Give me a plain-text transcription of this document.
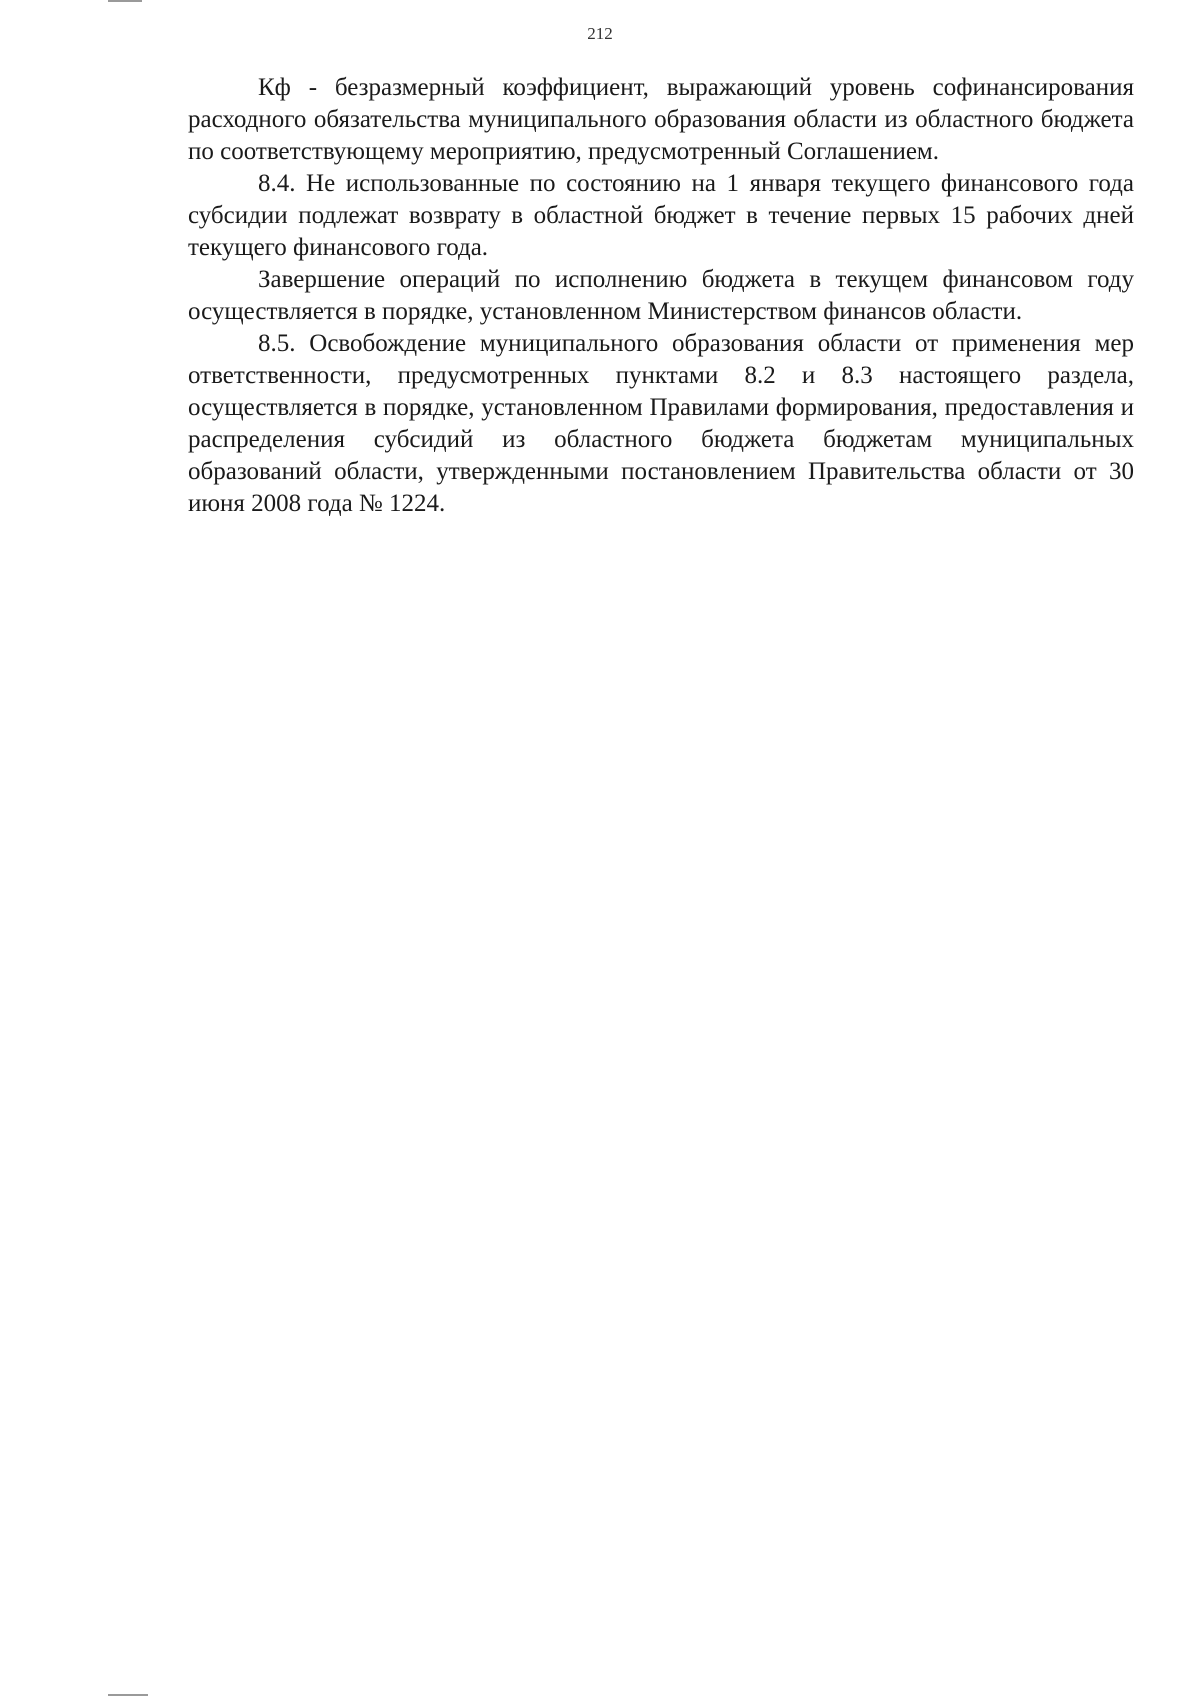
212

Кф - безразмерный коэффициент, выражающий уровень софинансирования расходного обязательства муниципального образования области из областного бюджета по соответствующему мероприятию, предусмотренный Соглашением.

8.4. Не использованные по состоянию на 1 января текущего финансового года субсидии подлежат возврату в областной бюджет в течение первых 15 рабочих дней текущего финансового года.

Завершение операций по исполнению бюджета в текущем финансовом году осуществляется в порядке, установленном Министерством финансов области.

8.5. Освобождение муниципального образования области от применения мер ответственности, предусмотренных пунктами 8.2 и 8.3 настоящего раздела, осуществляется в порядке, установленном Правилами формирования, предоставления и распределения субсидий из областного бюджета бюджетам муниципальных образований области, утвержденными постановлением Правительства области от 30 июня 2008 года № 1224.
